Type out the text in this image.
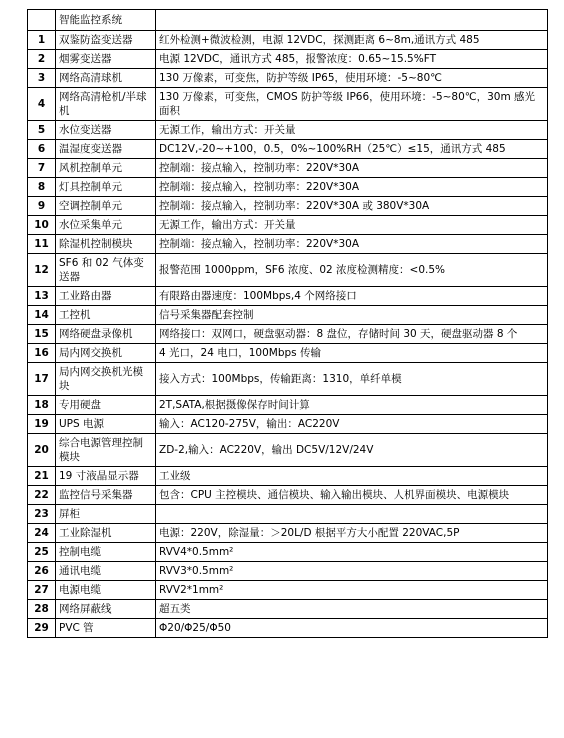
	智能监控系统	
1	双鉴防盗变送器	红外检测+微波检测，电源 12VDC，探测距离 6~8m,通讯方式 485
2	烟雾变送器	电源 12VDC，通讯方式 485，报警浓度：0.65~15.5%FT
3	网络高清球机	130 万像素，可变焦，防护等级 IP65，使用环境：-5~80℃
4	网络高清枪机/半球机	130 万像素，可变焦，CMOS 防护等级 IP66，使用环境：-5~80℃，30m 感光面积
5	水位变送器	无源工作，输出方式：开关量
6	温湿度变送器	DC12V,-20~+100，0.5，0%~100%RH（25℃）≤15，通讯方式 485
7	风机控制单元	控制端：接点输入，控制功率：220V*30A
8	灯具控制单元	控制端：接点输入，控制功率：220V*30A
9	空调控制单元	控制端：接点输入，控制功率：220V*30A 或 380V*30A
10	水位采集单元	无源工作，输出方式：开关量
11	除湿机控制模块	控制端：接点输入，控制功率：220V*30A
12	SF6 和 02 气体变送器	报警范围 1000ppm，SF6 浓度、02 浓度检测精度：<0.5%
13	工业路由器	有限路由器速度：100Mbps,4 个网络接口
14	工控机	信号采集器配套控制
15	网络硬盘录像机	网络接口：双网口，硬盘驱动器：8 盘位，存储时间 30 天，硬盘驱动器 8 个
16	局内网交换机	4 光口，24 电口，100Mbps 传输
17	局内网交换机光模块	接入方式：100Mbps，传输距离：1310，单纤单模
18	专用硬盘	2T,SATA,根据摄像保存时间计算
19	UPS 电源	输入：AC120-275V，输出：AC220V
20	综合电源管理控制模块	ZD-2,输入：AC220V，输出 DC5V/12V/24V
21	19 寸液晶显示器	工业级
22	监控信号采集器	包含：CPU 主控模块、通信模块、输入输出模块、人机界面模块、电源模块
23	屏柜	
24	工业除湿机	电源：220V，除湿量：＞20L/D 根据平方大小配置 220VAC,5P
25	控制电缆	RVV4*0.5mm²
26	通讯电缆	RVV3*0.5mm²
27	电源电缆	RVV2*1mm²
28	网络屏蔽线	超五类
29	PVC 管	Φ20/Φ25/Φ50
